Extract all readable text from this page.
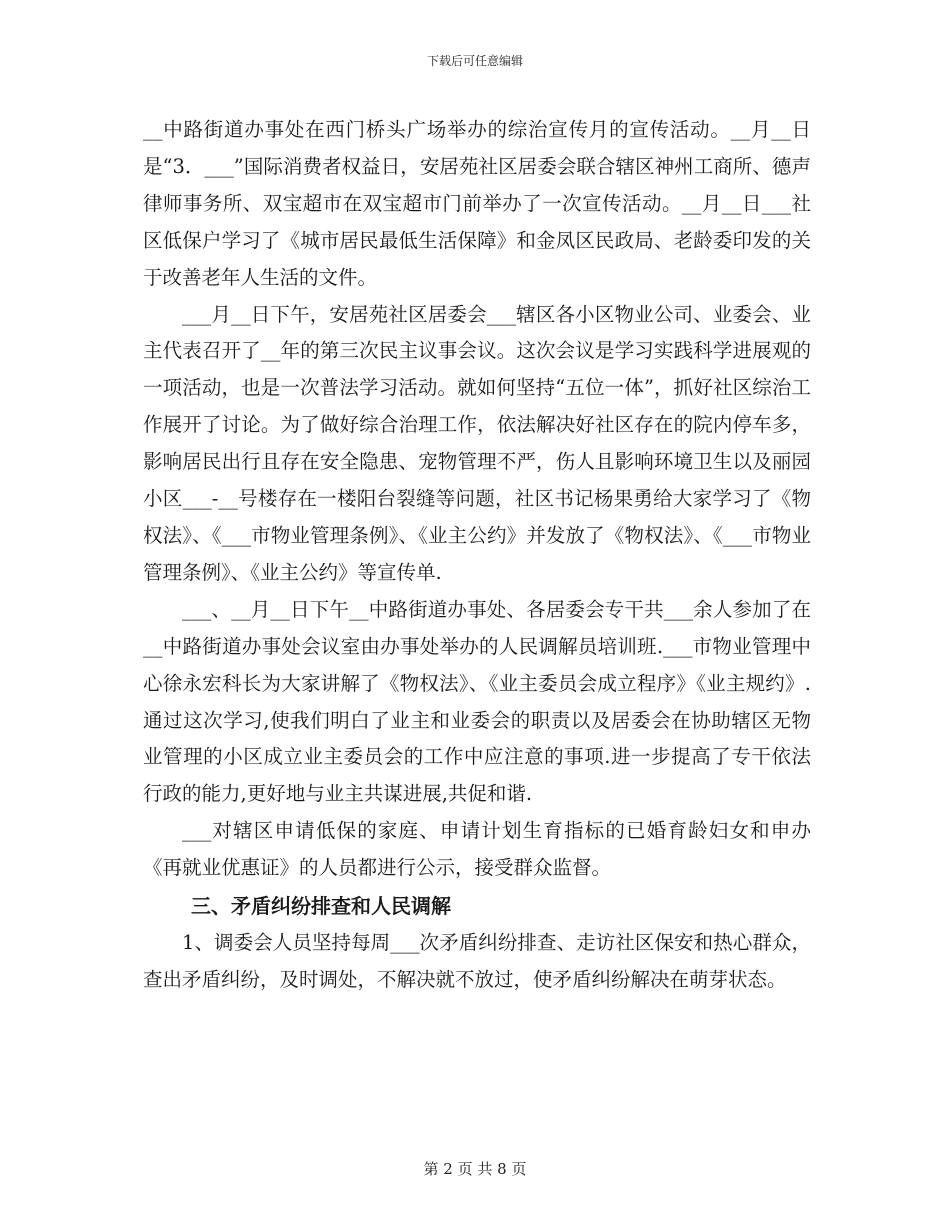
下载后可任意编辑

__中路街道办事处在西门桥头广场举办的综治宣传月的宣传活动。__月__日是“3．___”国际消费者权益日，安居苑社区居委会联合辖区神州工商所、德声律师事务所、双宝超市在双宝超市门前举办了一次宣传活动。__月__日___社区低保户学习了《城市居民最低生活保障》和金凤区民政局、老龄委印发的关于改善老年人生活的文件。

___月__日下午，安居苑社区居委会___辖区各小区物业公司、业委会、业主代表召开了__年的第三次民主议事会议。这次会议是学习实践科学进展观的一项活动，也是一次普法学习活动。就如何坚持“五位一体”，抓好社区综治工作展开了讨论。为了做好综合治理工作，依法解决好社区存在的院内停车多，影响居民出行且存在安全隐患、宠物管理不严，伤人且影响环境卫生以及丽园小区___-__号楼存在一楼阳台裂缝等问题，社区书记杨果勇给大家学习了《物权法》、《___市物业管理条例》、《业主公约》并发放了《物权法》、《___市物业管理条例》、《业主公约》等宣传单.

___、__月__日下午__中路街道办事处、各居委会专干共___余人参加了在__中路街道办事处会议室由办事处举办的人民调解员培训班.___市物业管理中心徐永宏科长为大家讲解了《物权法》、《业主委员会成立程序》《业主规约》.通过这次学习,使我们明白了业主和业委会的职责以及居委会在协助辖区无物业管理的小区成立业主委员会的工作中应注意的事项.进一步提高了专干依法行政的能力,更好地与业主共谋进展,共促和谐.

___对辖区申请低保的家庭、申请计划生育指标的已婚育龄妇女和申办《再就业优惠证》的人员都进行公示，接受群众监督。

三、矛盾纠纷排查和人民调解

1、调委会人员坚持每周___次矛盾纠纷排查、走访社区保安和热心群众，查出矛盾纠纷，及时调处，不解决就不放过，使矛盾纠纷解决在萌芽状态。

第 2 页 共 8 页
